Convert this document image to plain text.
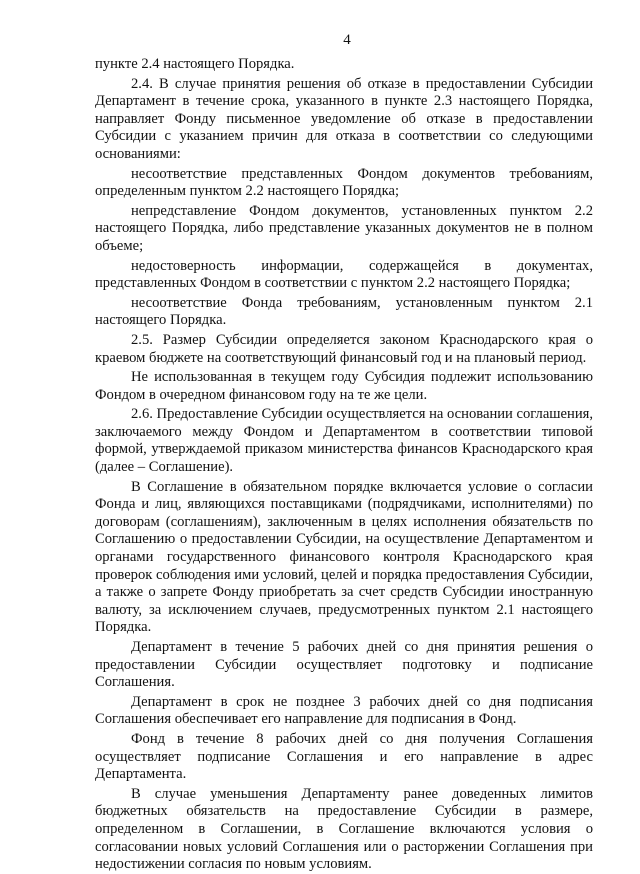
4

пункте 2.4 настоящего Порядка.

2.4. В случае принятия решения об отказе в предоставлении Субсидии Департамент в течение срока, указанного в пункте 2.3 настоящего Порядка, направляет Фонду письменное уведомление об отказе в предоставлении Субсидии с указанием причин для отказа в соответствии со следующими основаниями:

несоответствие представленных Фондом документов требованиям, определенным пунктом 2.2 настоящего Порядка;

непредставление Фондом документов, установленных пунктом 2.2 настоящего Порядка, либо представление указанных документов не в полном объеме;

недостоверность информации, содержащейся в документах, представленных Фондом в соответствии с пунктом 2.2 настоящего Порядка;

несоответствие Фонда требованиям, установленным пунктом 2.1 настоящего Порядка.

2.5. Размер Субсидии определяется законом Краснодарского края о краевом бюджете на соответствующий финансовый год и на плановый период.

Не использованная в текущем году Субсидия подлежит использованию Фондом в очередном финансовом году на те же цели.

2.6. Предоставление Субсидии осуществляется на основании соглашения, заключаемого между Фондом и Департаментом в соответствии типовой формой, утверждаемой приказом министерства финансов Краснодарского края (далее – Соглашение).

В Соглашение в обязательном порядке включается условие о согласии Фонда и лиц, являющихся поставщиками (подрядчиками, исполнителями) по договорам (соглашениям), заключенным в целях исполнения обязательств по Соглашению о предоставлении Субсидии, на осуществление Департаментом и органами государственного финансового контроля Краснодарского края проверок соблюдения ими условий, целей и порядка предоставления Субсидии, а также о запрете Фонду приобретать за счет средств Субсидии иностранную валюту, за исключением случаев, предусмотренных пунктом 2.1 настоящего Порядка.

Департамент в течение 5 рабочих дней со дня принятия решения о предоставлении Субсидии осуществляет подготовку и подписание Соглашения.

Департамент в срок не позднее 3 рабочих дней со дня подписания Соглашения обеспечивает его направление для подписания в Фонд.

Фонд в течение 8 рабочих дней со дня получения Соглашения осуществляет подписание Соглашения и его направление в адрес Департамента.

В случае уменьшения Департаменту ранее доведенных лимитов бюджетных обязательств на предоставление Субсидии в размере, определенном в Соглашении, в Соглашение включаются условия о согласовании новых условий Соглашения или о расторжении Соглашения при недостижении согласия по новым условиям.
